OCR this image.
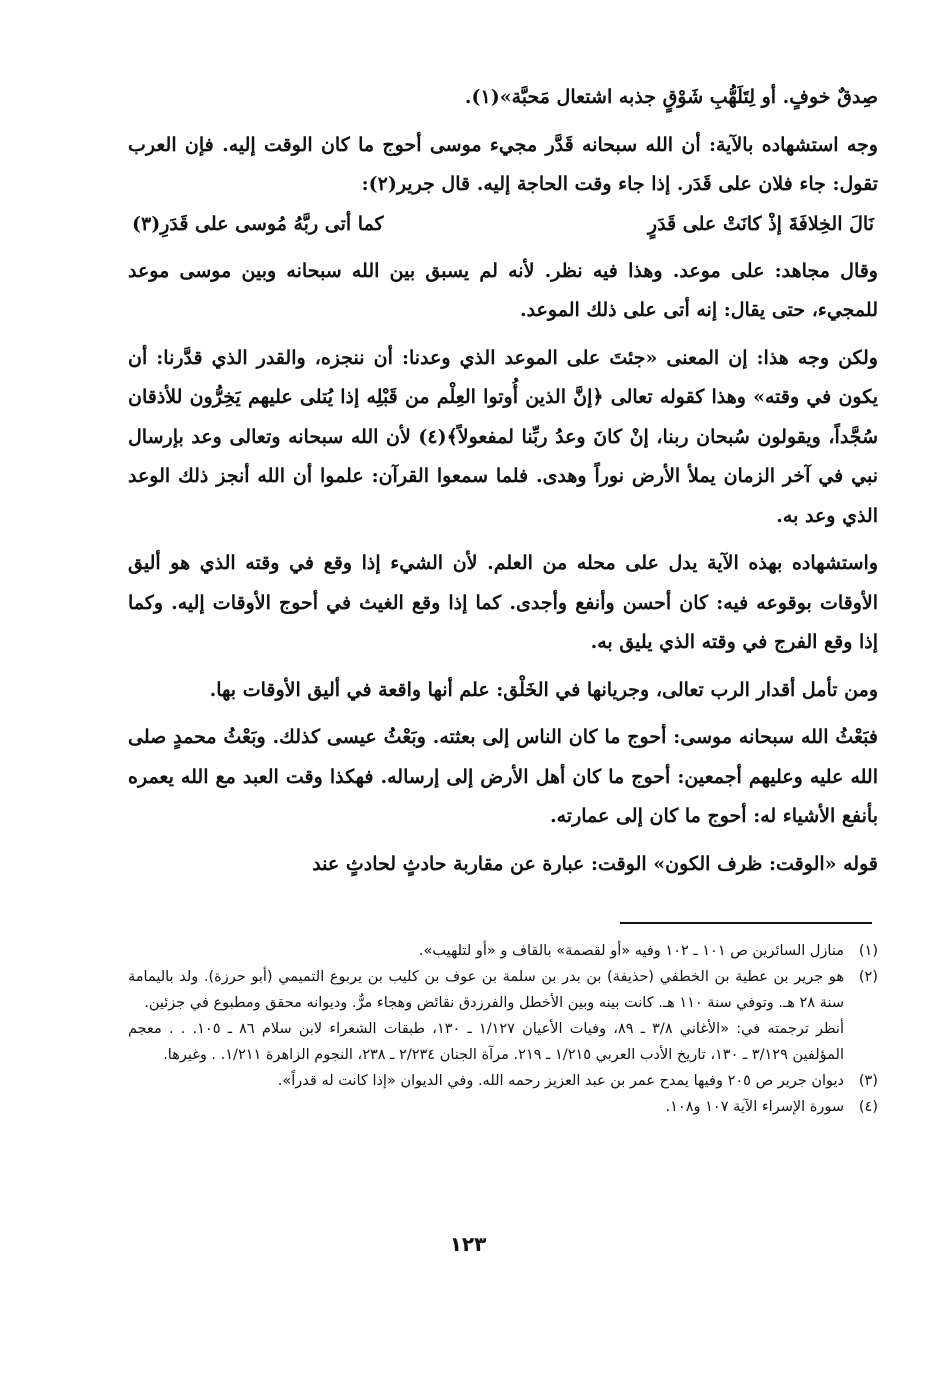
صِدقٌ خوفٍ. أو لِتَلَهُّبِ شَوْقٍ جذبه اشتعال مَحبَّة»(١).

وجه استشهاده بالآية: أن الله سبحانه قَدَّر مجيء موسى أحوج ما كان الوقت إليه. فإن العرب تقول: جاء فلان على قَدَر. إذا جاء وقت الحاجة إليه. قال جرير(٢):

نَالَ الخِلافَةَ إذْ كانَتْ على قَدَرٍ
كما أتى ربَّهُ مُوسى على قَدَرِ(٣)

وقال مجاهد: على موعد. وهذا فيه نظر. لأنه لم يسبق بين الله سبحانه وبين موسى موعد للمجيء، حتى يقال: إنه أتى على ذلك الموعد.

ولكن وجه هذا: إن المعنى «جئتَ على الموعد الذي وعدنا: أن ننجزه، والقدر الذي قدَّرنا: أن يكون في وقته» وهذا كقوله تعالى ﴿إنَّ الذين أُوتوا العِلْم من قَبْلِه إذا يُتلى عليهم يَخِرُّون للأذقان سُجَّداً، ويقولون سُبحان ربنا، إنْ كانَ وعدُ ربِّنا لمفعولاً﴾(٤) لأن الله سبحانه وتعالى وعد بإرسال نبي في آخر الزمان يملأ الأرض نوراً وهدى. فلما سمعوا القرآن: علموا أن الله أنجز ذلك الوعد الذي وعد به.

واستشهاده بهذه الآية يدل على محله من العلم. لأن الشيء إذا وقع في وقته الذي هو أليق الأوقات بوقوعه فيه: كان أحسن وأنفع وأجدى. كما إذا وقع الغيث في أحوج الأوقات إليه. وكما إذا وقع الفرج في وقته الذي يليق به.

ومن تأمل أقدار الرب تعالى، وجريانها في الخَلْق: علم أنها واقعة في أليق الأوقات بها.

فبَعْثُ الله سبحانه موسى: أحوج ما كان الناس إلى بعثته. وبَعْثُ عيسى كذلك. وبَعْثُ محمدٍ صلى الله عليه وعليهم أجمعين: أحوج ما كان أهل الأرض إلى إرساله. فهكذا وقت العبد مع الله يعمره بأنفع الأشياء له: أحوج ما كان إلى عمارته.

قوله «الوقت: ظرف الكون» الوقت: عبارة عن مقاربة حادثٍ لحادثٍ عند

(١)
منازل السائرين ص ١٠١ ـ ١٠٢ وفيه «أو لقصمة» بالقاف و «أو لتلهيب».
(٢)
هو جرير بن عطية بن الخطفي (حذيفة) بن بدر بن سلمة بن عوف بن كليب بن يربوع التميمي (أبو حرزة). ولد باليمامة سنة ٢٨ هـ. وتوفي سنة ١١٠ هـ. كانت بينه وبين الأخطل والفرزدق نقائض وهجاء مرٌّ. وديوانه محقق ومطبوع في جزئين.
أنظر ترجمته في: «الأغاني ٣/٨ ـ ٨٩، وفيات الأعيان ١/١٢٧ ـ ١٣٠، طبقات الشعراء لابن سلام ٨٦ ـ ١٠٥. . . معجم المؤلفين ٣/١٢٩ ـ ١٣٠، تاريخ الأدب العربي ١/٢١٥ ـ ٢١٩. مرآة الجنان ٢/٢٣٤ ـ ٢٣٨، النجوم الزاهرة ١/٢١١. . وغيرها.
(٣)
ديوان جرير ص ٢٠٥ وفيها يمدح عمر بن عبد العزيز رحمه الله. وفي الديوان «إذا كانت له قدراً».
(٤)
سورة الإسراء الآية ١٠٧ و١٠٨.
١٢٣
